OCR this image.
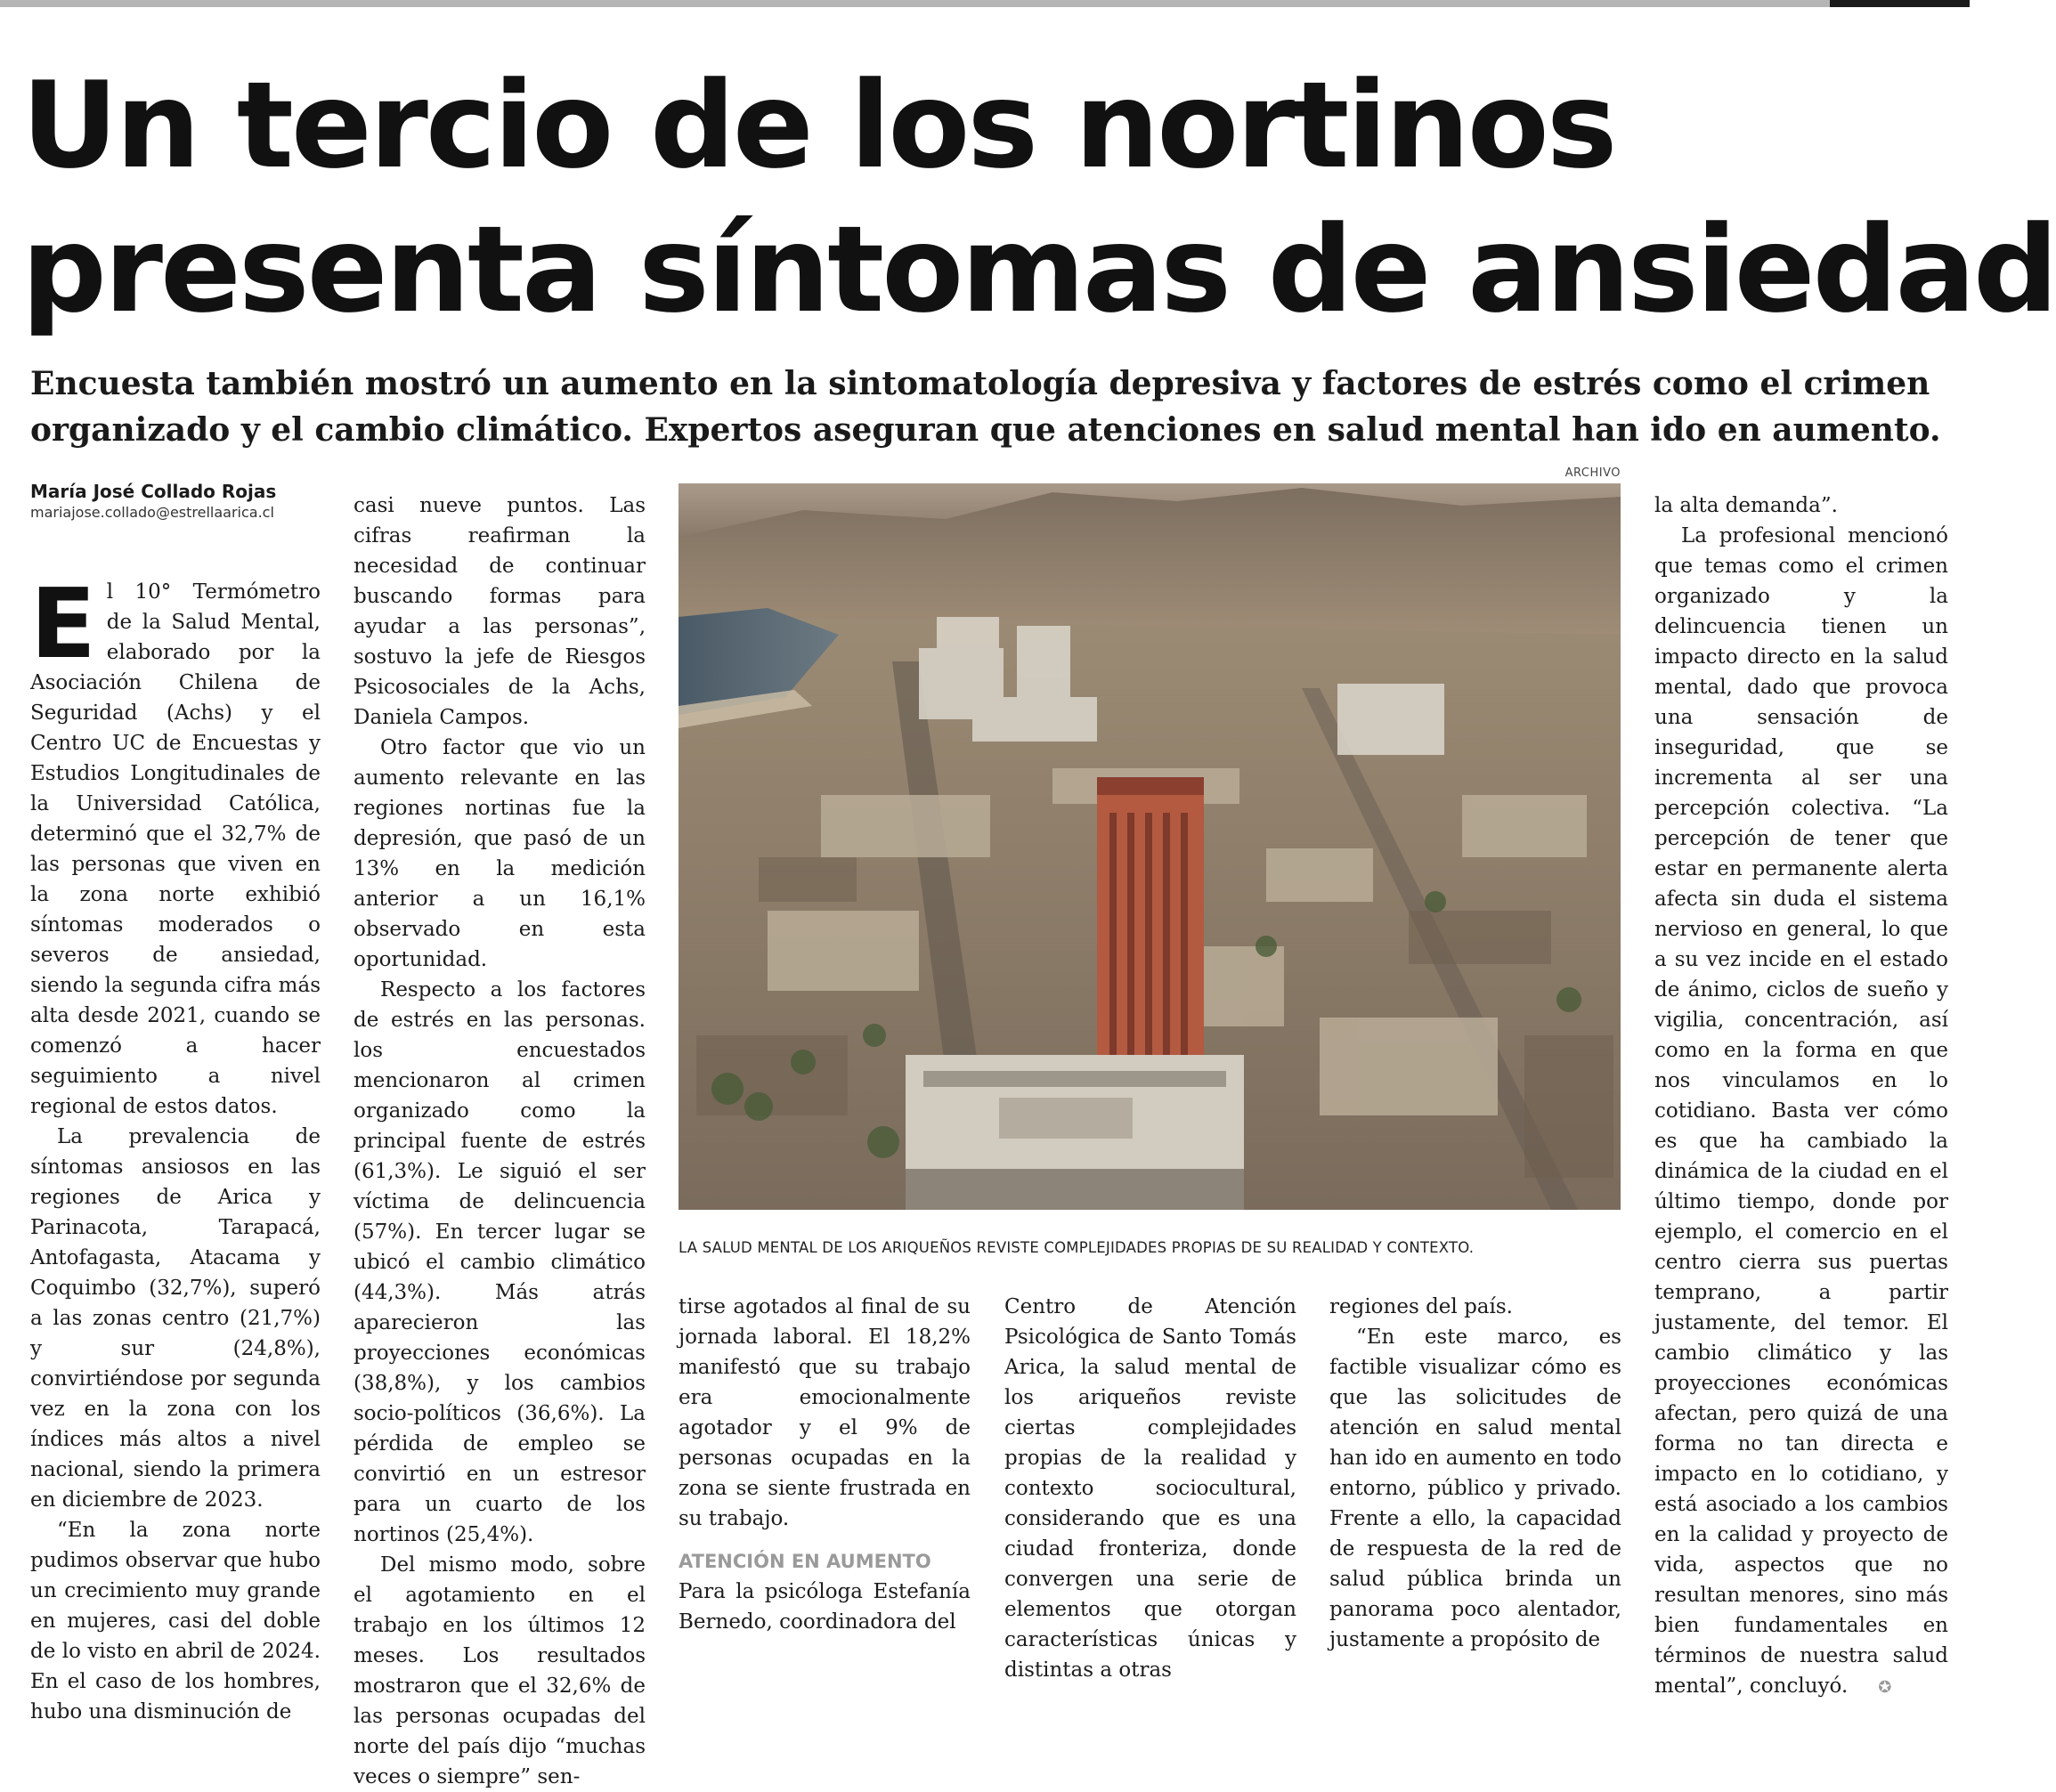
Un tercio de los nortinos
presenta síntomas de ansiedad

Encuesta también mostró un aumento en la sintomatología depresiva y factores de estrés como el crimen
organizado y el cambio climático. Expertos aseguran que atenciones en salud mental han ido en aumento.

María José Collado Rojas
mariajose.collado@estrellaarica.cl

El 10° Termómetro de la Salud Mental, elaborado por la Asociación Chilena de Seguridad (Achs) y el Centro UC de Encuestas y Estudios Longitudinales de la Universidad Católica, determinó que el 32,7% de las personas que viven en la zona norte exhibió síntomas moderados o severos de ansiedad, siendo la segunda cifra más alta desde 2021, cuando se comenzó a hacer seguimiento a nivel regional de estos datos.

La prevalencia de síntomas ansiosos en las regiones de Arica y Parinacota, Tarapacá, Antofagasta, Atacama y Coquimbo (32,7%), superó a las zonas centro (21,7%) y sur (24,8%), convirtiéndose por segunda vez en la zona con los índices más altos a nivel nacional, siendo la primera en diciembre de 2023.

“En la zona norte pudimos observar que hubo un crecimiento muy grande en mujeres, casi del doble de lo visto en abril de 2024. En el caso de los hombres, hubo una disminución de

casi nueve puntos. Las cifras reafirman la necesidad de continuar buscando formas para ayudar a las personas”, sostuvo la jefe de Riesgos Psicosociales de la Achs, Daniela Campos.

Otro factor que vio un aumento relevante en las regiones nortinas fue la depresión, que pasó de un 13% en la medición anterior a un 16,1% observado en esta oportunidad.

Respecto a los factores de estrés en las personas. los encuestados mencionaron al crimen organizado como la principal fuente de estrés (61,3%). Le siguió el ser víctima de delincuencia (57%). En tercer lugar se ubicó el cambio climático (44,3%). Más atrás aparecieron las proyecciones económicas (38,8%), y los cambios socio-políticos (36,6%). La pérdida de empleo se convirtió en un estresor para un cuarto de los nortinos (25,4%).

Del mismo modo, sobre el agotamiento en el trabajo en los últimos 12 meses. Los resultados mostraron que el 32,6% de las personas ocupadas del norte del país dijo “muchas veces o siempre” sen-

ARCHIVO

LA SALUD MENTAL DE LOS ARIQUEÑOS REVISTE COMPLEJIDADES PROPIAS DE SU REALIDAD Y CONTEXTO.

tirse agotados al final de su jornada laboral. El 18,2% manifestó que su trabajo era emocionalmente agotador y el 9% de personas ocupadas en la zona se siente frustrada en su trabajo.

ATENCIÓN EN AUMENTO

Para la psicóloga Estefanía Bernedo, coordinadora del

Centro de Atención Psicológica de Santo Tomás Arica, la salud mental de los ariqueños reviste ciertas complejidades propias de la realidad y contexto sociocultural, considerando que es una ciudad fronteriza, donde convergen una serie de elementos que otorgan características únicas y distintas a otras

regiones del país.

“En este marco, es factible visualizar cómo es que las solicitudes de atención en salud mental han ido en aumento en todo entorno, público y privado. Frente a ello, la capacidad de respuesta de la red de salud pública brinda un panorama poco alentador, justamente a propósito de

la alta demanda”.

La profesional mencionó que temas como el crimen organizado y la delincuencia tienen un impacto directo en la salud mental, dado que provoca una sensación de inseguridad, que se incrementa al ser una percepción colectiva. “La percepción de tener que estar en permanente alerta afecta sin duda el sistema nervioso en general, lo que a su vez incide en el estado de ánimo, ciclos de sueño y vigilia, concentración, así como en la forma en que nos vinculamos en lo cotidiano. Basta ver cómo es que ha cambiado la dinámica de la ciudad en el último tiempo, donde por ejemplo, el comercio en el centro cierra sus puertas temprano, a partir justamente, del temor. El cambio climático y las proyecciones económicas afectan, pero quizá de una forma no tan directa e impacto en lo cotidiano, y está asociado a los cambios en la calidad y proyecto de vida, aspectos que no resultan menores, sino más bien fundamentales en términos de nuestra salud mental”, concluyó. ✪
